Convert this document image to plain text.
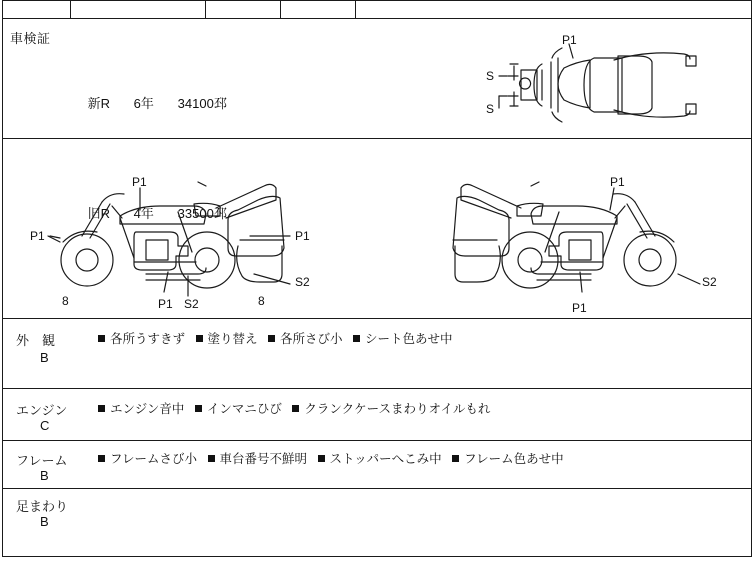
車検証

新R 6年 34100邳

旧R 4年 33500邳

P1
S
S
P1
P1	P1
S2
8	8
P1 S2
P1
S2
P1
外　観
B
各所うすきず 塗り替え 各所さび小 シート色あせ中
エンジン
C
エンジン音中 インマニひび クランクケースまわりオイルもれ
フレーム
B
フレームさび小 車台番号不鮮明 ストッパーへこみ中 フレーム色あせ中
足まわり
B
